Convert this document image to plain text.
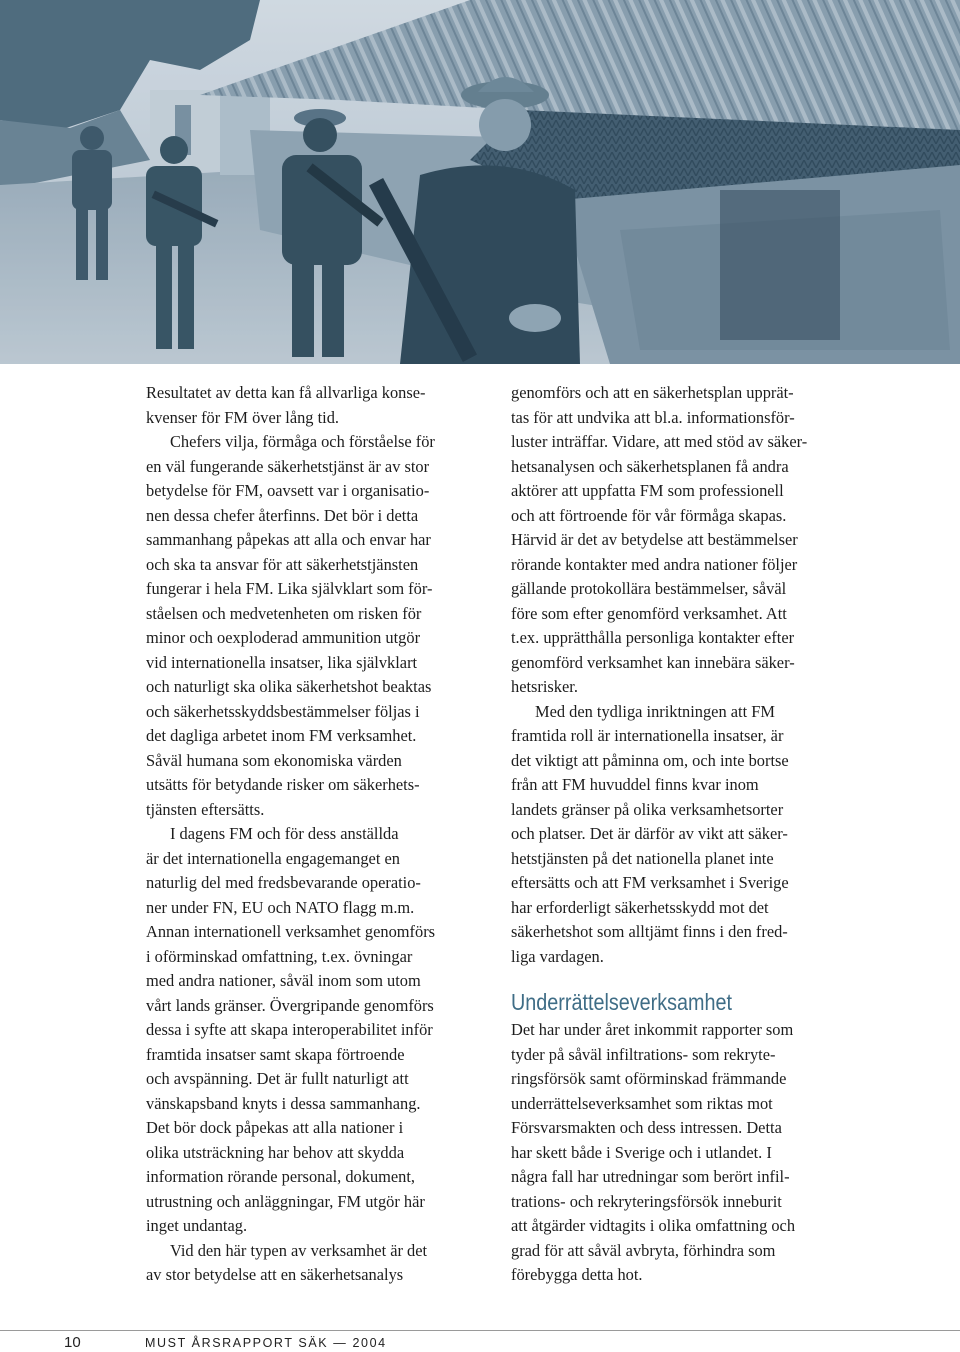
Resultatet av detta kan få allvarliga konse-
kvenser för FM över lång tid.

Chefers vilja, förmåga och förståelse för
en väl fungerande säkerhetstjänst är av stor
betydelse för FM, oavsett var i organisatio-
nen dessa chefer återfinns. Det bör i detta
sammanhang påpekas att alla och envar har
och ska ta ansvar för att säkerhetstjänsten
fungerar i hela FM. Lika självklart som för-
ståelsen och medvetenheten om risken för
minor och oexploderad ammunition utgör
vid internationella insatser, lika självklart
och naturligt ska olika säkerhetshot beaktas
och säkerhetsskyddsbestämmelser följas i
det dagliga arbetet inom FM verksamhet.
Såväl humana som ekonomiska värden
utsätts för betydande risker om säkerhets-
tjänsten eftersätts.

I dagens FM och för dess anställda
är det internationella engagemanget en
naturlig del med fredsbevarande operatio-
ner under FN, EU och NATO flagg m.m.
Annan internationell verksamhet genomförs
i oförminskad omfattning, t.ex. övningar
med andra nationer, såväl inom som utom
vårt lands gränser. Övergripande genomförs
dessa i syfte att skapa interoperabilitet inför
framtida insatser samt skapa förtroende
och avspänning. Det är fullt naturligt att
vänskapsband knyts i dessa sammanhang.
Det bör dock påpekas att alla nationer i
olika utsträckning har behov att skydda
information rörande personal, dokument,
utrustning och anläggningar, FM utgör här
inget undantag.

Vid den här typen av verksamhet är det
av stor betydelse att en säkerhetsanalys

genomförs och att en säkerhetsplan upprät-
tas för att undvika att bl.a. informationsför-
luster inträffar. Vidare, att med stöd av säker-
hetsanalysen och säkerhetsplanen få andra
aktörer att uppfatta FM som professionell
och att förtroende för vår förmåga skapas.
Härvid är det av betydelse att bestämmelser
rörande kontakter med andra nationer följer
gällande protokollära bestämmelser, såväl
före som efter genomförd verksamhet. Att
t.ex. upprätthålla personliga kontakter efter
genomförd verksamhet kan innebära säker-
hetsrisker.

Med den tydliga inriktningen att FM
framtida roll är internationella insatser, är
det viktigt att påminna om, och inte bortse
från att FM huvuddel finns kvar inom
landets gränser på olika verksamhetsorter
och platser. Det är därför av vikt att säker-
hetstjänsten på det nationella planet inte
eftersätts och att FM verksamhet i Sverige
har erforderligt säkerhetsskydd mot det
säkerhetshot som alltjämt finns i den fred-
liga vardagen.

Underrättelseverksamhet

Det har under året inkommit rapporter som
tyder på såväl infiltrations- som rekryte-
ringsförsök samt oförminskad främmande
underrättelseverksamhet som riktas mot
Försvarsmakten och dess intressen. Detta
har skett både i Sverige och i utlandet. I
några fall har utredningar som berört infil-
trations- och rekryteringsförsök inneburit
att åtgärder vidtagits i olika omfattning och
grad för att såväl avbryta, förhindra som
förebygga detta hot.

10	MUST ÅRSRAPPORT SÄK — 2004
